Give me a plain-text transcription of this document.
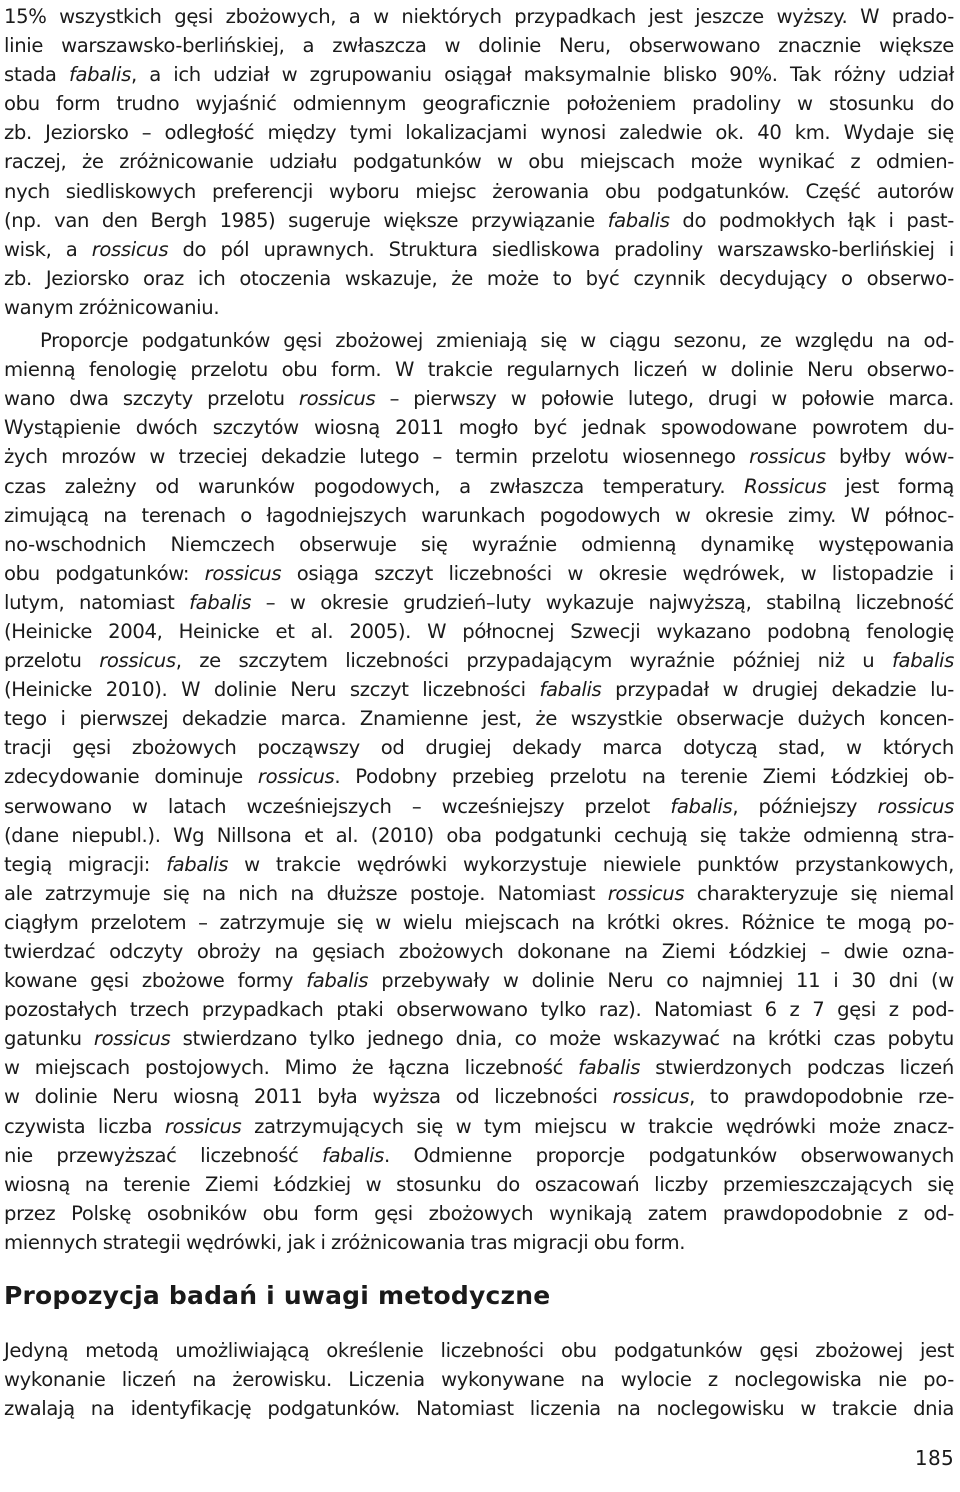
15% wszystkich gęsi zbożowych, a w niektórych przypadkach jest jeszcze wyższy. W prado-
linie warszawsko-berlińskiej, a zwłaszcza w dolinie Neru, obserwowano znacznie większe
stada fabalis, a ich udział w zgrupowaniu osiągał maksymalnie blisko 90%. Tak różny udział
obu form trudno wyjaśnić odmiennym geograficznie położeniem pradoliny w stosunku do
zb. Jeziorsko – odległość między tymi lokalizacjami wynosi zaledwie ok. 40 km. Wydaje się
raczej, że zróżnicowanie udziału podgatunków w obu miejscach może wynikać z odmien-
nych siedliskowych preferencji wyboru miejsc żerowania obu podgatunków. Część autorów
(np. van den Bergh 1985) sugeruje większe przywiązanie fabalis do podmokłych łąk i past-
wisk, a rossicus do pól uprawnych. Struktura siedliskowa pradoliny warszawsko-berlińskiej i
zb. Jeziorsko oraz ich otoczenia wskazuje, że może to być czynnik decydujący o obserwo-
wanym zróżnicowaniu.
Proporcje podgatunków gęsi zbożowej zmieniają się w ciągu sezonu, ze względu na od-
mienną fenologię przelotu obu form. W trakcie regularnych liczeń w dolinie Neru obserwo-
wano dwa szczyty przelotu rossicus – pierwszy w połowie lutego, drugi w połowie marca.
Wystąpienie dwóch szczytów wiosną 2011 mogło być jednak spowodowane powrotem du-
żych mrozów w trzeciej dekadzie lutego – termin przelotu wiosennego rossicus byłby wów-
czas zależny od warunków pogodowych, a zwłaszcza temperatury. Rossicus jest formą
zimującą na terenach o łagodniejszych warunkach pogodowych w okresie zimy. W północ-
no-wschodnich Niemczech obserwuje się wyraźnie odmienną dynamikę występowania
obu podgatunków: rossicus osiąga szczyt liczebności w okresie wędrówek, w listopadzie i
lutym, natomiast fabalis – w okresie grudzień–luty wykazuje najwyższą, stabilną liczebność
(Heinicke 2004, Heinicke et al. 2005). W północnej Szwecji wykazano podobną fenologię
przelotu rossicus, ze szczytem liczebności przypadającym wyraźnie później niż u fabalis
(Heinicke 2010). W dolinie Neru szczyt liczebności fabalis przypadał w drugiej dekadzie lu-
tego i pierwszej dekadzie marca. Znamienne jest, że wszystkie obserwacje dużych koncen-
tracji gęsi zbożowych począwszy od drugiej dekady marca dotyczą stad, w których
zdecydowanie dominuje rossicus. Podobny przebieg przelotu na terenie Ziemi Łódzkiej ob-
serwowano w latach wcześniejszych – wcześniejszy przelot fabalis, późniejszy rossicus
(dane niepubl.). Wg Nillsona et al. (2010) oba podgatunki cechują się także odmienną stra-
tegią migracji: fabalis w trakcie wędrówki wykorzystuje niewiele punktów przystankowych,
ale zatrzymuje się na nich na dłuższe postoje. Natomiast rossicus charakteryzuje się niemal
ciągłym przelotem – zatrzymuje się w wielu miejscach na krótki okres. Różnice te mogą po-
twierdzać odczyty obroży na gęsiach zbożowych dokonane na Ziemi Łódzkiej – dwie ozna-
kowane gęsi zbożowe formy fabalis przebywały w dolinie Neru co najmniej 11 i 30 dni (w
pozostałych trzech przypadkach ptaki obserwowano tylko raz). Natomiast 6 z 7 gęsi z pod-
gatunku rossicus stwierdzano tylko jednego dnia, co może wskazywać na krótki czas pobytu
w miejscach postojowych. Mimo że łączna liczebność fabalis stwierdzonych podczas liczeń
w dolinie Neru wiosną 2011 była wyższa od liczebności rossicus, to prawdopodobnie rze-
czywista liczba rossicus zatrzymujących się w tym miejscu w trakcie wędrówki może znacz-
nie przewyższać liczebność fabalis. Odmienne proporcje podgatunków obserwowanych
wiosną na terenie Ziemi Łódzkiej w stosunku do oszacowań liczby przemieszczających się
przez Polskę osobników obu form gęsi zbożowych wynikają zatem prawdopodobnie z od-
miennych strategii wędrówki, jak i zróżnicowania tras migracji obu form.
Propozycja badań i uwagi metodyczne
Jedyną metodą umożliwiającą określenie liczebności obu podgatunków gęsi zbożowej jest
wykonanie liczeń na żerowisku. Liczenia wykonywane na wylocie z noclegowiska nie po-
zwalają na identyfikację podgatunków. Natomiast liczenia na noclegowisku w trakcie dnia
185
